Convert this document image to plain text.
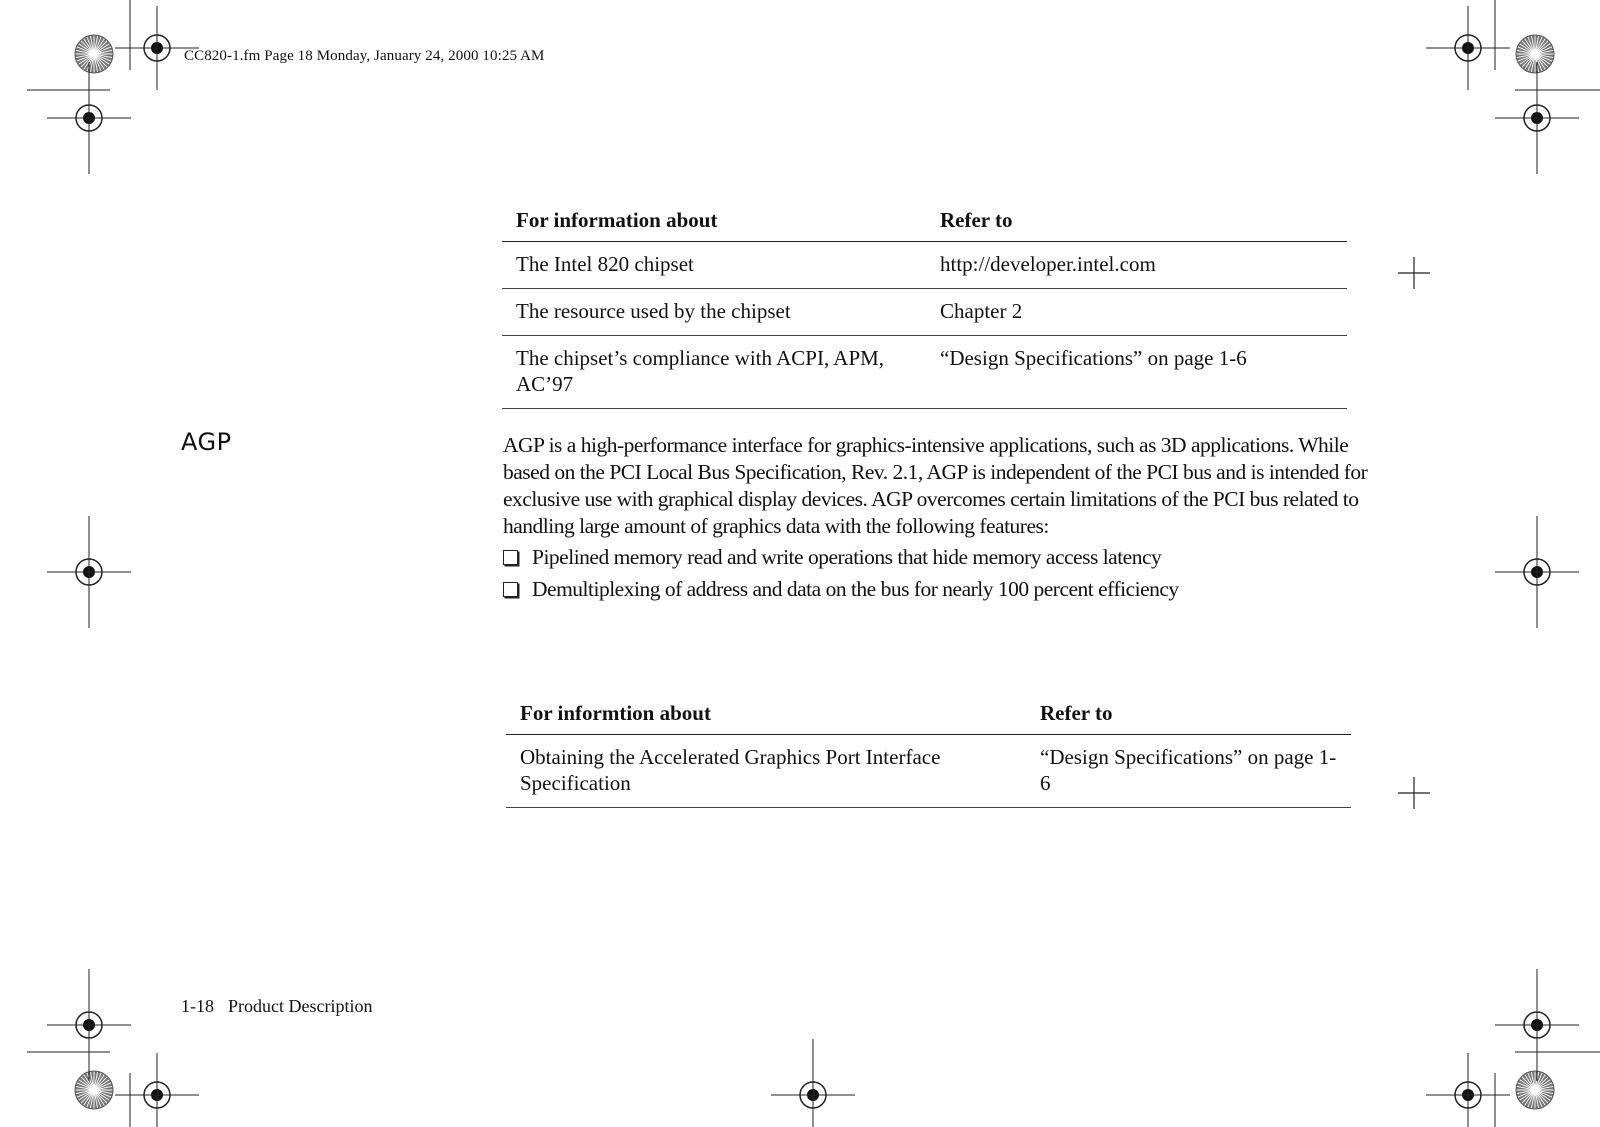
CC820-1.fm Page 18 Monday, January 24, 2000 10:25 AM
For information about	Refer to
The Intel 820 chipset	http://developer.intel.com
The resource used by the chipset	Chapter 2
The chipset’s compliance with ACPI, APM, AC’97	“Design Specifications” on page 1-6
AGP	AGP is a high-performance interface for graphics-intensive applications, such as 3D applications. While based on the PCI Local Bus Specification, Rev. 2.1, AGP is independent of the PCI bus and is intended for exclusive use with graphical display devices. AGP overcomes certain limitations of the PCI bus related to handling large amount of graphics data with the following features:

Pipelined memory read and write operations that hide memory access latency
Demultiplexing of address and data on the bus for nearly 100 percent efficiency
For informtion about	Refer to
Obtaining the Accelerated Graphics Port Interface Specification	“Design Specifications” on page 1-6
1-18 Product Description
